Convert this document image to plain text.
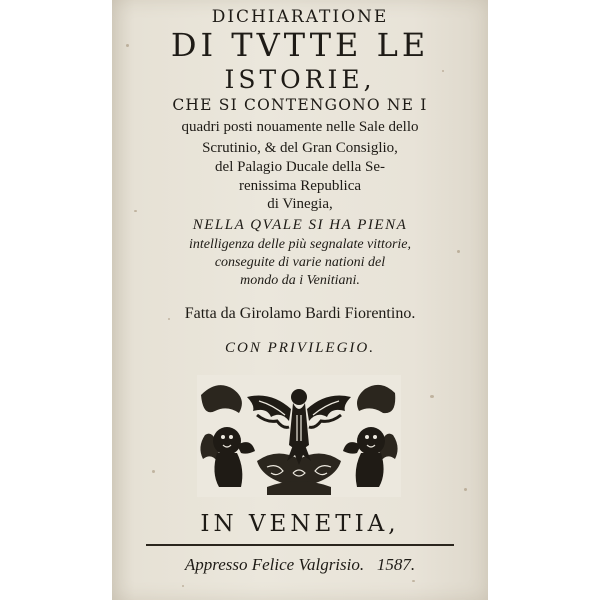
DICHIARATIONE
DI TVTTE LE
ISTORIE,
CHE SI CONTENGONO NE I
quadri posti nouamente nelle Sale dello
Scrutinio, & del Gran Consiglio,
del Palagio Ducale della Se-
renissima Republica
di Vinegia,
NELLA QVALE SI HA PIENA
intelligenza delle più segnalate vittorie,
conseguite di varie nationi del
mondo da i Venitiani.
Fatta da Girolamo Bardi Fiorentino.
CON PRIVILEGIO.
IN VENETIA,
Appresso Felice Valgrisio.   1587.
